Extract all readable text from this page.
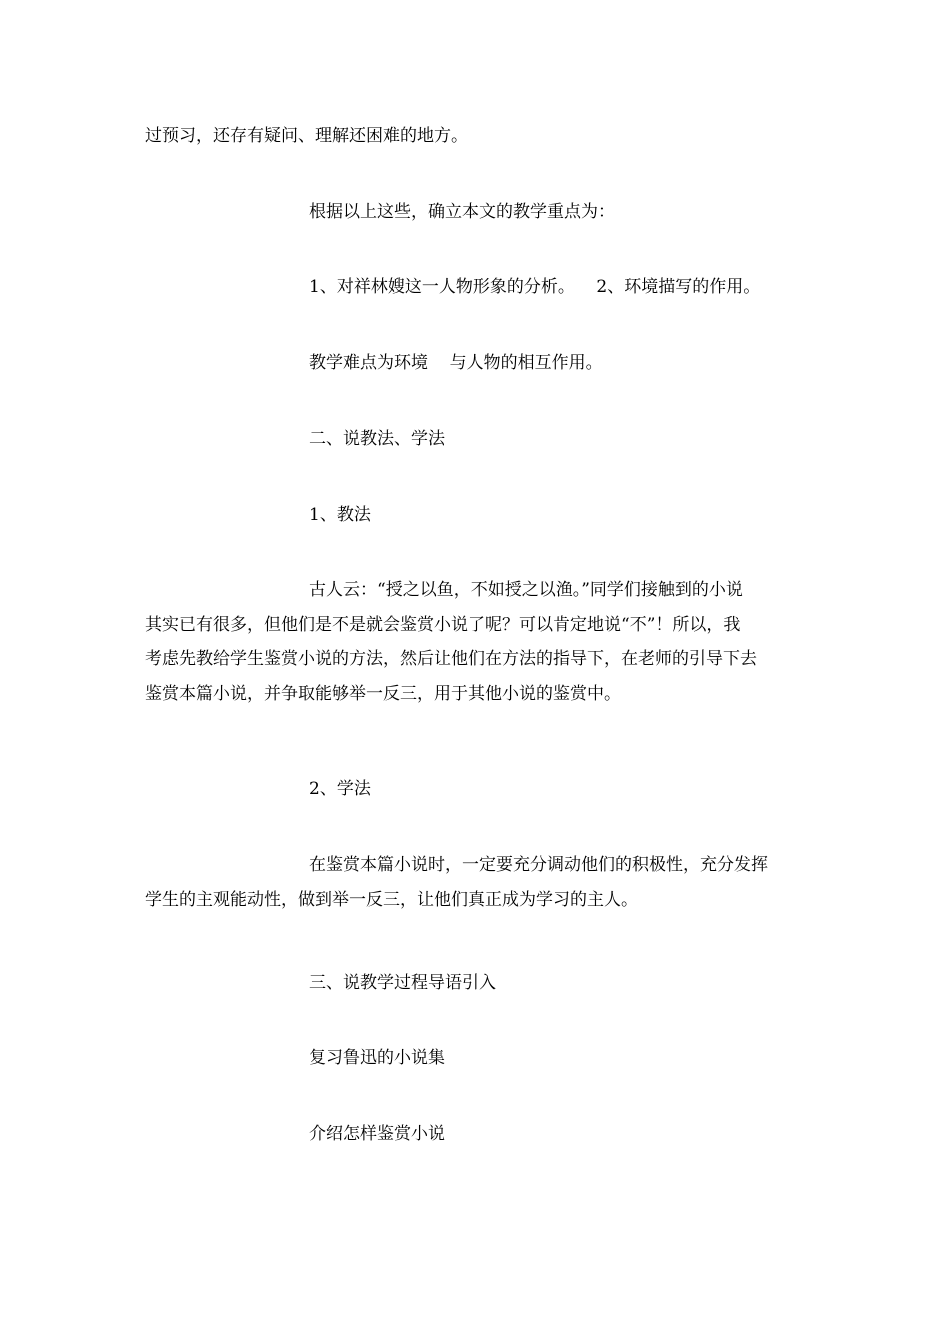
过预习，还存有疑问、理解还困难的地方。

根据以上这些，确立本文的教学重点为：

1、对祥林嫂这一人物形象的分析。    2、环境描写的作用。

教学难点为环境    与人物的相互作用。

二、说教法、学法

1、教法

古人云：“授之以鱼，不如授之以渔。”同学们接触到的小说
其实已有很多，但他们是不是就会鉴赏小说了呢？可以肯定地说“不”！所以，我
考虑先教给学生鉴赏小说的方法，然后让他们在方法的指导下，在老师的引导下去
鉴赏本篇小说，并争取能够举一反三，用于其他小说的鉴赏中。

2、学法

在鉴赏本篇小说时，一定要充分调动他们的积极性，充分发挥
学生的主观能动性，做到举一反三，让他们真正成为学习的主人。

三、说教学过程导语引入

复习鲁迅的小说集

介绍怎样鉴赏小说
